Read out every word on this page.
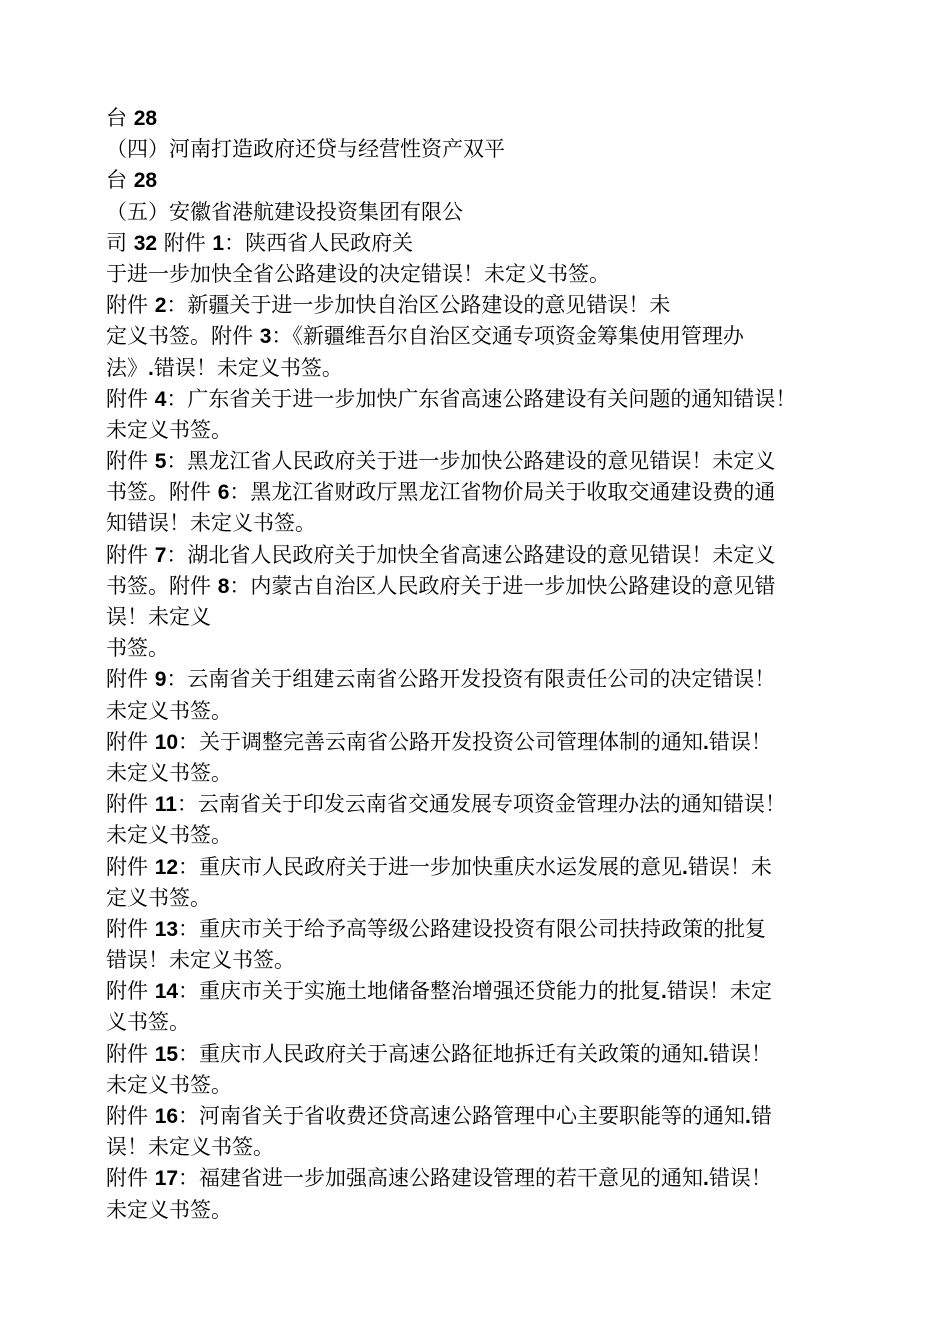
台 28
（四）河南打造政府还贷与经营性资产双平
台 28
（五）安徽省港航建设投资集团有限公
司 32 附件 1：陕西省人民政府关
于进一步加快全省公路建设的决定错误！未定义书签。
附件 2：新疆关于进一步加快自治区公路建设的意见错误！未
定义书签。附件 3：《新疆维吾尔自治区交通专项资金筹集使用管理办
法》.错误！未定义书签。
附件 4：广东省关于进一步加快广东省高速公路建设有关问题的通知错误！
未定义书签。
附件 5：黑龙江省人民政府关于进一步加快公路建设的意见错误！未定义
书签。附件 6：黑龙江省财政厅黑龙江省物价局关于收取交通建设费的通
知错误！未定义书签。
附件 7：湖北省人民政府关于加快全省高速公路建设的意见错误！未定义
书签。附件 8：内蒙古自治区人民政府关于进一步加快公路建设的意见错
误！未定义
书签。
附件 9：云南省关于组建云南省公路开发投资有限责任公司的决定错误！
未定义书签。
附件 10：关于调整完善云南省公路开发投资公司管理体制的通知.错误！
未定义书签。
附件 11：云南省关于印发云南省交通发展专项资金管理办法的通知错误！
未定义书签。
附件 12：重庆市人民政府关于进一步加快重庆水运发展的意见.错误！未
定义书签。
附件 13：重庆市关于给予高等级公路建设投资有限公司扶持政策的批复
错误！未定义书签。
附件 14：重庆市关于实施土地储备整治增强还贷能力的批复.错误！未定
义书签。
附件 15：重庆市人民政府关于高速公路征地拆迁有关政策的通知.错误！
未定义书签。
附件 16：河南省关于省收费还贷高速公路管理中心主要职能等的通知.错
误！未定义书签。
附件 17：福建省进一步加强高速公路建设管理的若干意见的通知.错误！
未定义书签。
